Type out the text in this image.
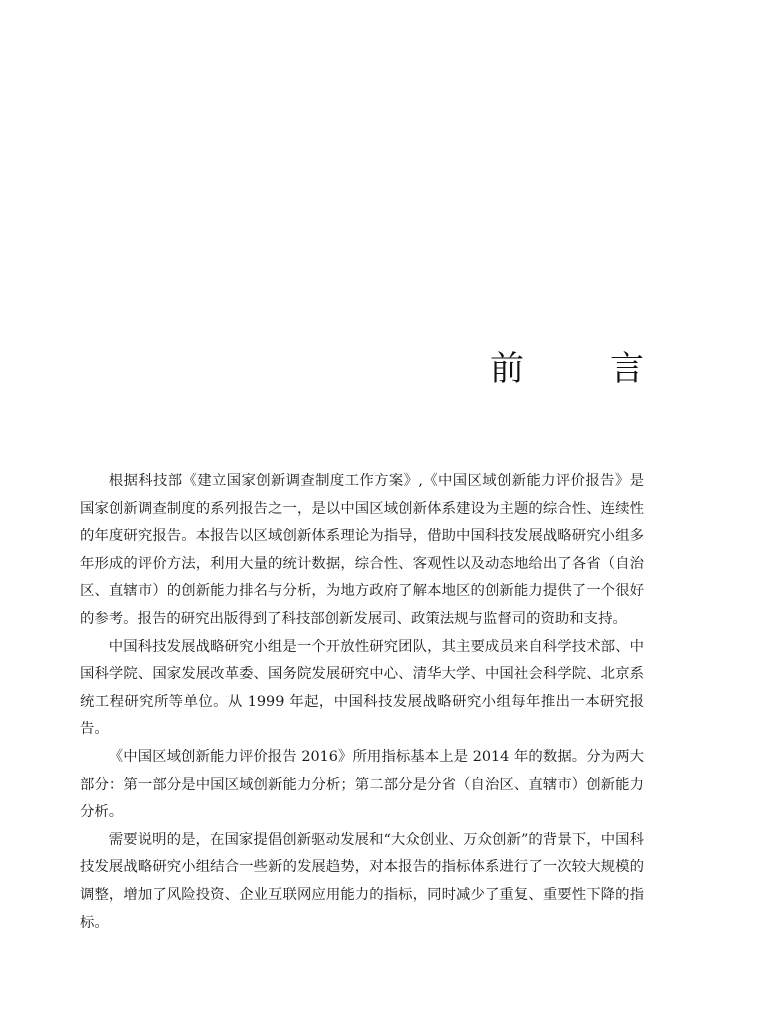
前　言

根据科技部《建立国家创新调查制度工作方案》,《中国区域创新能力评价报告》是国家创新调查制度的系列报告之一，是以中国区域创新体系建设为主题的综合性、连续性的年度研究报告。本报告以区域创新体系理论为指导，借助中国科技发展战略研究小组多年形成的评价方法，利用大量的统计数据，综合性、客观性以及动态地给出了各省（自治区、直辖市）的创新能力排名与分析，为地方政府了解本地区的创新能力提供了一个很好的参考。报告的研究出版得到了科技部创新发展司、政策法规与监督司的资助和支持。

中国科技发展战略研究小组是一个开放性研究团队，其主要成员来自科学技术部、中国科学院、国家发展改革委、国务院发展研究中心、清华大学、中国社会科学院、北京系统工程研究所等单位。从 1999 年起，中国科技发展战略研究小组每年推出一本研究报告。

《中国区域创新能力评价报告 2016》所用指标基本上是 2014 年的数据。分为两大部分：第一部分是中国区域创新能力分析；第二部分是分省（自治区、直辖市）创新能力分析。

需要说明的是，在国家提倡创新驱动发展和“大众创业、万众创新”的背景下，中国科技发展战略研究小组结合一些新的发展趋势，对本报告的指标体系进行了一次较大规模的调整，增加了风险投资、企业互联网应用能力的指标，同时减少了重复、重要性下降的指标。
